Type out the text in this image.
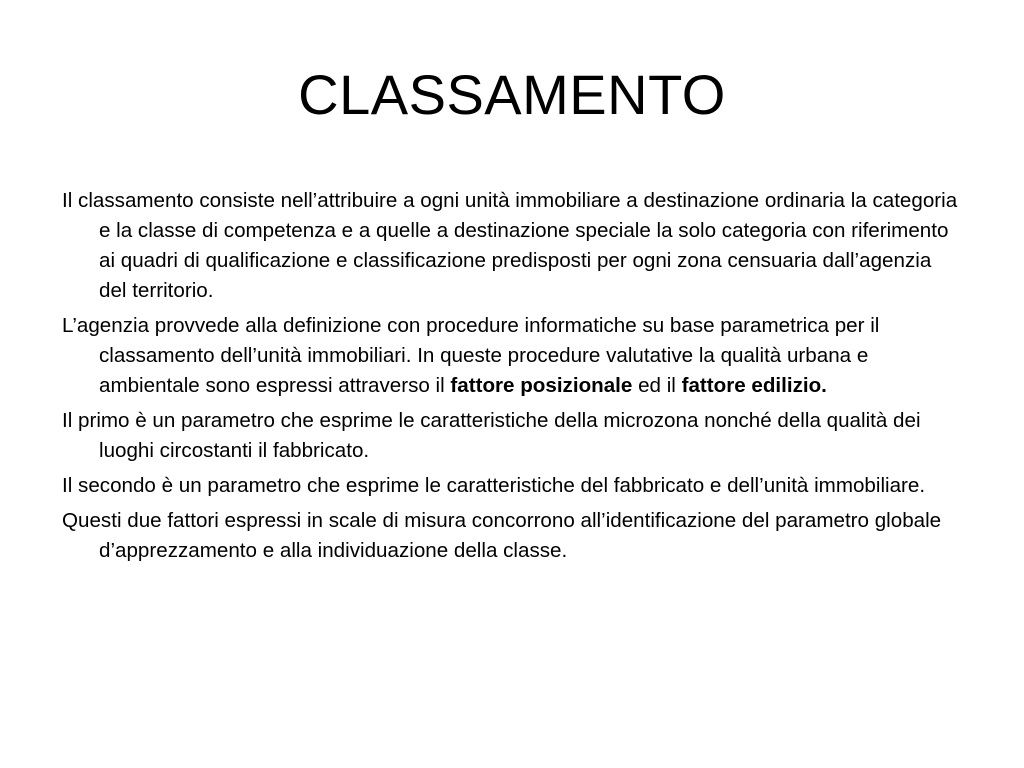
CLASSAMENTO

Il classamento consiste nell’attribuire a ogni unità immobiliare a destinazione ordinaria la categoria e la classe di competenza e a quelle a destinazione speciale la solo categoria con riferimento ai quadri di qualificazione e classificazione predisposti per ogni zona censuaria dall’agenzia del territorio.

L’agenzia provvede alla definizione con procedure informatiche su base parametrica per il classamento dell’unità immobiliari. In queste procedure valutative la qualità urbana e ambientale sono espressi attraverso il fattore posizionale ed il fattore edilizio.

Il primo è un parametro che esprime le caratteristiche della microzona nonché della qualità dei luoghi circostanti il fabbricato.

Il secondo è un parametro che esprime le caratteristiche del fabbricato e dell’unità immobiliare.

Questi due fattori espressi in scale di misura concorrono all’identificazione del parametro globale d’apprezzamento e alla individuazione della classe.
